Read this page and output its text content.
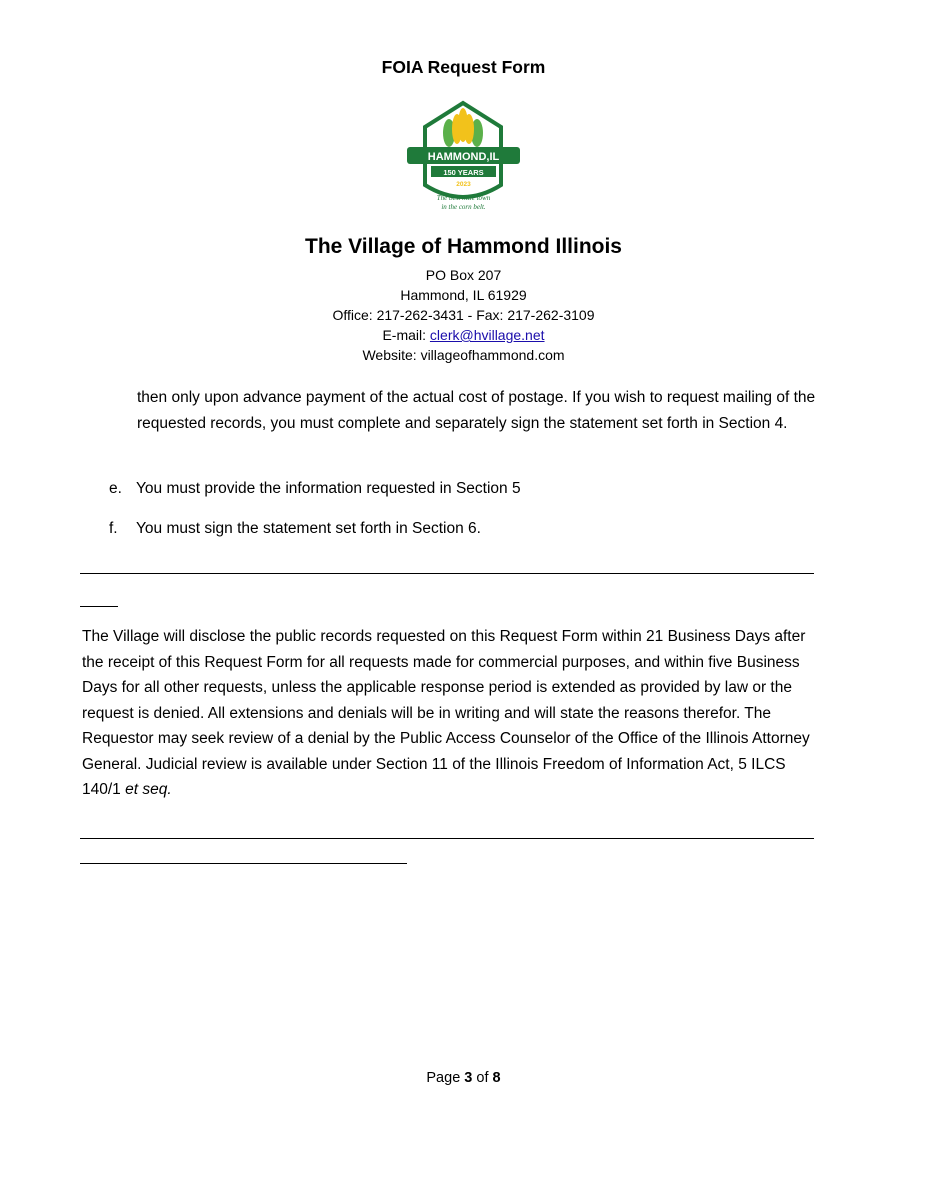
FOIA Request Form
HAMMOND,IL
150 YEARS
2023
The best little town
in the corn belt.
The Village of Hammond Illinois
PO Box 207
Hammond, IL 61929
Office: 217-262-3431 - Fax: 217-262-3109
E-mail: clerk@hvillage.net
Website: villageofhammond.com
then only upon advance payment of the actual cost of postage. If you wish to request mailing of the requested records, you must complete and separately sign the statement set forth in Section 4.
e. You must provide the information requested in Section 5
f. You must sign the statement set forth in Section 6.
The Village will disclose the public records requested on this Request Form within 21 Business Days after the receipt of this Request Form for all requests made for commercial purposes, and within five Business Days for all other requests, unless the applicable response period is extended as provided by law or the request is denied. All extensions and denials will be in writing and will state the reasons therefor. The Requestor may seek review of a denial by the Public Access Counselor of the Office of the Illinois Attorney General. Judicial review is available under Section 11 of the Illinois Freedom of Information Act, 5 ILCS 140/1 et seq.
Page 3 of 8
